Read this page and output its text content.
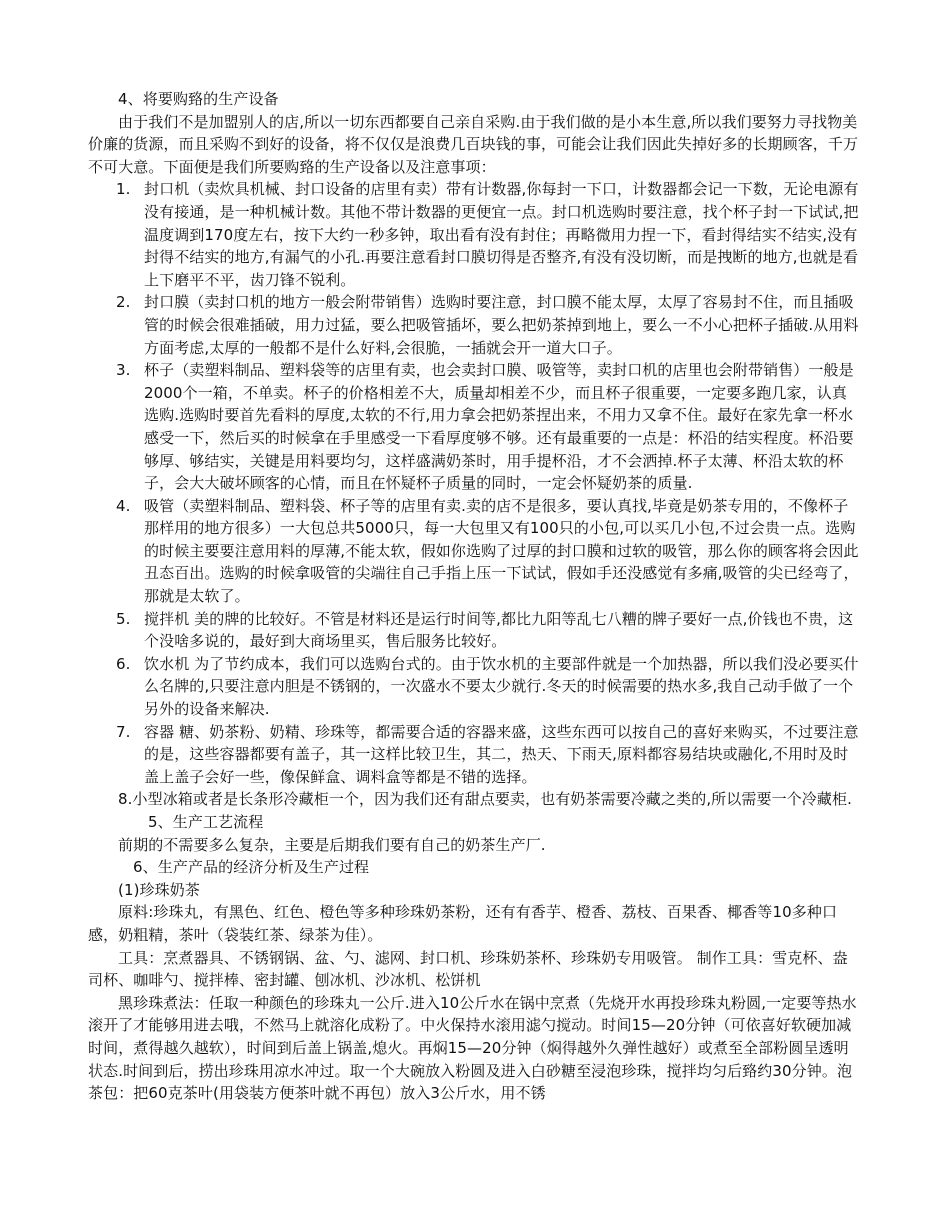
4、将要购臵的生产设备

由于我们不是加盟别人的店,所以一切东西都要自己亲自采购.由于我们做的是小本生意,所以我们要努力寻找物美价廉的货源，而且采购不到好的设备，将不仅仅是浪费几百块钱的事，可能会让我们因此失掉好多的长期顾客，千万不可大意。下面便是我们所要购臵的生产设备以及注意事项：

1. 封口机（卖炊具机械、封口设备的店里有卖）带有计数器,你每封一下口，计数器都会记一下数，无论电源有没有接通，是一种机械计数。其他不带计数器的更便宜一点。封口机选购时要注意，找个杯子封一下试试,把温度调到170度左右，按下大约一秒多钟，取出看有没有封住；再略微用力捏一下，看封得结实不结实,没有封得不结实的地方,有漏气的小孔.再要注意看封口膜切得是否整齐,有没有没切断，而是拽断的地方,也就是看上下磨平不平，齿刀锋不锐利。
2. 封口膜（卖封口机的地方一般会附带销售）选购时要注意，封口膜不能太厚，太厚了容易封不住，而且插吸管的时候会很难插破，用力过猛，要么把吸管插坏，要么把奶茶掉到地上，要么一不小心把杯子插破.从用料方面考虑,太厚的一般都不是什么好料,会很脆，一插就会开一道大口子。
3. 杯子（卖塑料制品、塑料袋等的店里有卖，也会卖封口膜、吸管等，卖封口机的店里也会附带销售）一般是2000个一箱，不单卖。杯子的价格相差不大，质量却相差不少，而且杯子很重要，一定要多跑几家，认真选购.选购时要首先看料的厚度,太软的不行,用力拿会把奶茶捏出来，不用力又拿不住。最好在家先拿一杯水感受一下，然后买的时候拿在手里感受一下看厚度够不够。还有最重要的一点是：杯沿的结实程度。杯沿要够厚、够结实，关键是用料要均匀，这样盛满奶茶时，用手提杯沿，才不会洒掉.杯子太薄、杯沿太软的杯子，会大大破坏顾客的心情，而且在怀疑杯子质量的同时，一定会怀疑奶茶的质量.
4. 吸管（卖塑料制品、塑料袋、杯子等的店里有卖.卖的店不是很多，要认真找,毕竟是奶茶专用的，不像杯子那样用的地方很多）一大包总共5000只，每一大包里又有100只的小包,可以买几小包,不过会贵一点。选购的时候主要要注意用料的厚薄,不能太软，假如你选购了过厚的封口膜和过软的吸管，那么你的顾客将会因此丑态百出。选购的时候拿吸管的尖端往自己手指上压一下试试，假如手还没感觉有多痛,吸管的尖已经弯了，那就是太软了。
5. 搅拌机 美的牌的比较好。不管是材料还是运行时间等,都比九阳等乱七八糟的牌子要好一点,价钱也不贵，这个没啥多说的，最好到大商场里买，售后服务比较好。
6. 饮水机 为了节约成本，我们可以选购台式的。由于饮水机的主要部件就是一个加热器，所以我们没必要买什么名牌的,只要注意内胆是不锈钢的，一次盛水不要太少就行.冬天的时候需要的热水多,我自己动手做了一个另外的设备来解决.
7. 容器 糖、奶茶粉、奶精、珍珠等，都需要合适的容器来盛，这些东西可以按自己的喜好来购买，不过要注意的是，这些容器都要有盖子，其一这样比较卫生，其二，热天、下雨天,原料都容易结块或融化,不用时及时盖上盖子会好一些，像保鲜盒、调料盒等都是不错的选择。

8.小型冰箱或者是长条形冷藏柜一个，因为我们还有甜点要卖，也有奶茶需要冷藏之类的,所以需要一个冷藏柜.

5、生产工艺流程

前期的不需要多么复杂，主要是后期我们要有自己的奶茶生产厂.

6、生产产品的经济分析及生产过程

(1)珍珠奶茶

原料:珍珠丸，有黑色、红色、橙色等多种珍珠奶茶粉，还有有香芋、橙香、荔枝、百果香、椰香等10多种口感，奶粗精，茶叶（袋装红茶、绿茶为佳）。

工具：烹煮器具、不锈钢锅、盆、勺、滤网、封口机、珍珠奶茶杯、珍珠奶专用吸管。 制作工具：雪克杯、盎司杯、咖啡勺、搅拌棒、密封罐、刨冰机、沙冰机、松饼机

黑珍珠煮法：任取一种颜色的珍珠丸一公斤.进入10公斤水在锅中烹煮（先烧开水再投珍珠丸粉圆,一定要等热水滚开了才能够用进去哦，不然马上就溶化成粉了。中火保持水滚用滤勺搅动。时间15—20分钟（可依喜好软硬加减时间，煮得越久越软），时间到后盖上锅盖,熄火。再焖15—20分钟（焖得越外久弹性越好）或煮至全部粉圆呈透明状态.时间到后，捞出珍珠用凉水冲过。取一个大碗放入粉圆及进入白砂糖至浸泡珍珠，搅拌均匀后臵约30分钟。泡茶包：把60克茶叶(用袋装方便茶叶就不再包）放入3公斤水，用不锈
